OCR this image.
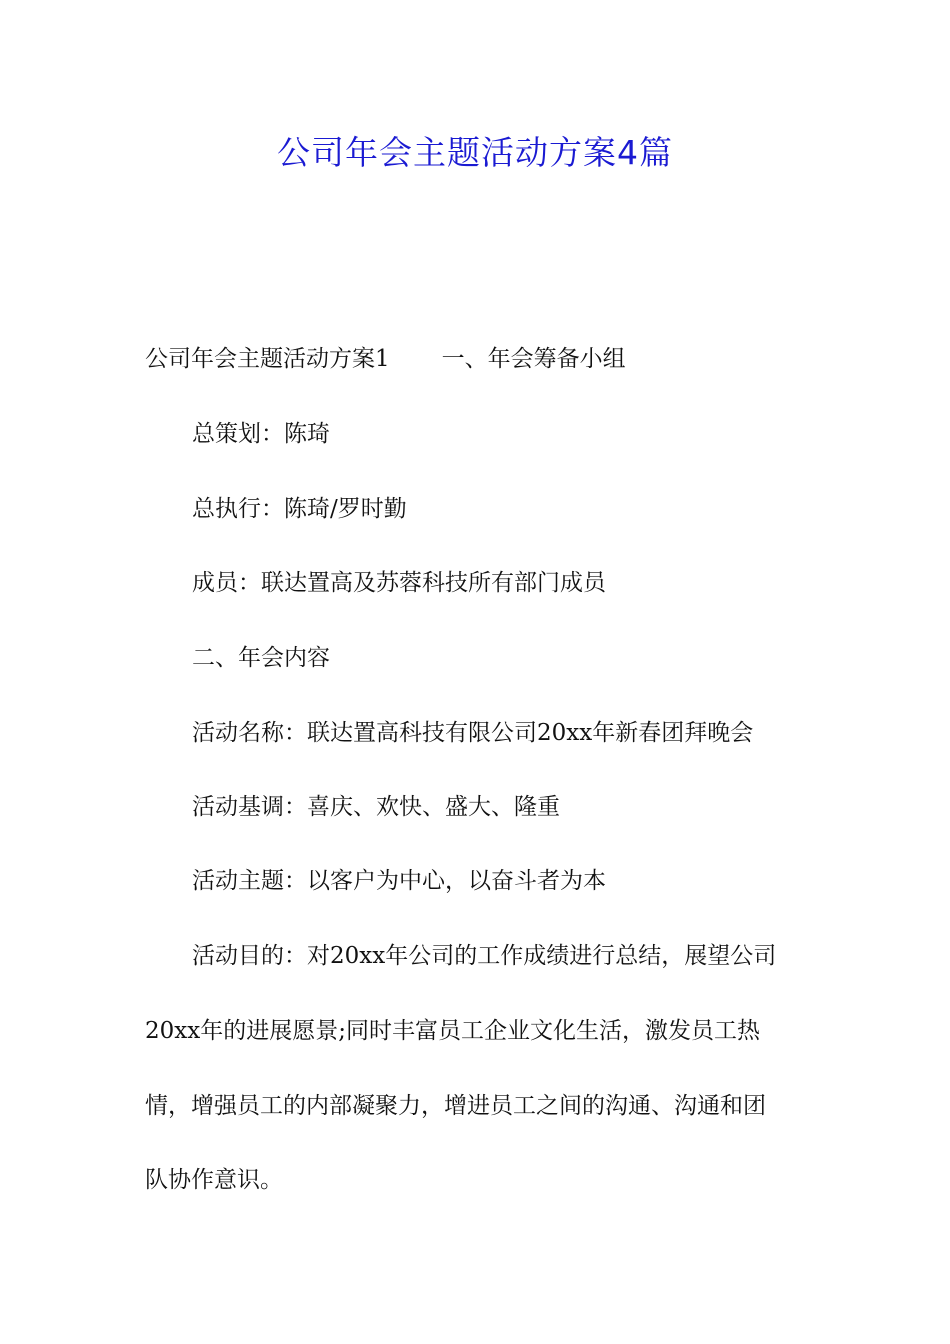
公司年会主题活动方案4篇
公司年会主题活动方案1 一、年会筹备小组
总策划：陈琦
总执行：陈琦/罗时勤
成员：联达置高及苏蓉科技所有部门成员
二、年会内容
活动名称：联达置高科技有限公司20xx年新春团拜晚会
活动基调：喜庆、欢快、盛大、隆重
活动主题：以客户为中心，以奋斗者为本
活动目的：对20xx年公司的工作成绩进行总结，展望公司
20xx年的进展愿景;同时丰富员工企业文化生活，激发员工热
情，增强员工的内部凝聚力，增进员工之间的沟通、沟通和团
队协作意识。
